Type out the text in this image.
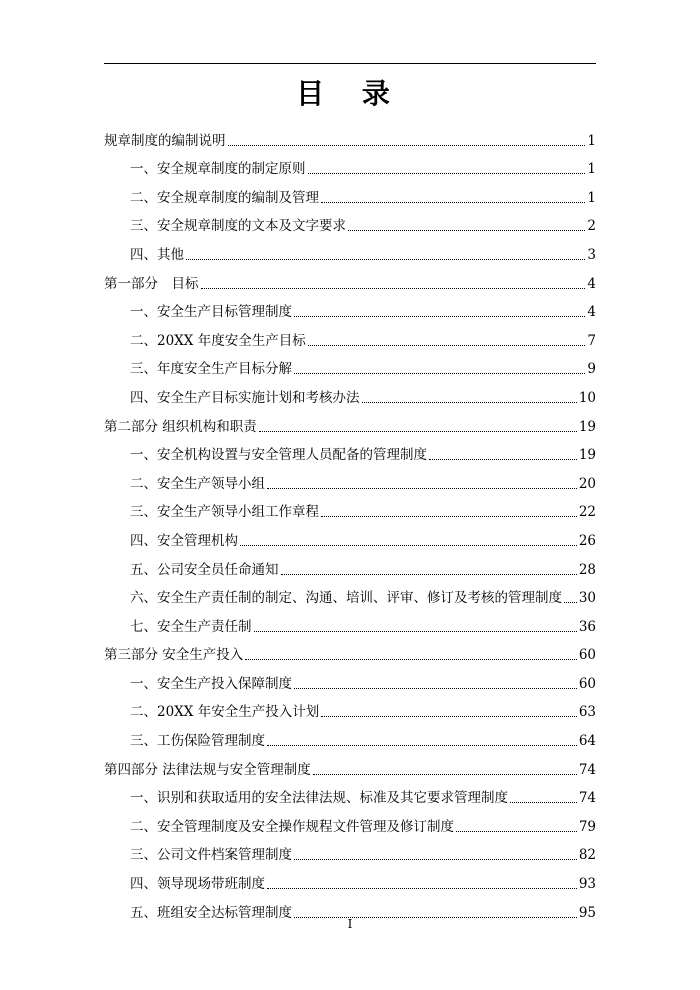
目 录
规章制度的编制说明	1
一、安全规章制度的制定原则	1
二、安全规章制度的编制及管理	1
三、安全规章制度的文本及文字要求	2
四、其他	3
第一部分　目标	4
一、安全生产目标管理制度	4
二、20XX 年度安全生产目标	7
三、年度安全生产目标分解	9
四、安全生产目标实施计划和考核办法	10
第二部分 组织机构和职责	19
一、安全机构设置与安全管理人员配备的管理制度	19
二、安全生产领导小组	20
三、安全生产领导小组工作章程	22
四、安全管理机构	26
五、公司安全员任命通知	28
六、安全生产责任制的制定、沟通、培训、评审、修订及考核的管理制度 30
七、安全生产责任制	36
第三部分 安全生产投入	60
一、安全生产投入保障制度	60
二、20XX 年安全生产投入计划	63
三、工伤保险管理制度	64
第四部分 法律法规与安全管理制度	74
一、识别和获取适用的安全法律法规、标准及其它要求管理制度	74
二、安全管理制度及安全操作规程文件管理及修订制度	79
三、公司文件档案管理制度	82
四、领导现场带班制度	93
五、班组安全达标管理制度	95
I
